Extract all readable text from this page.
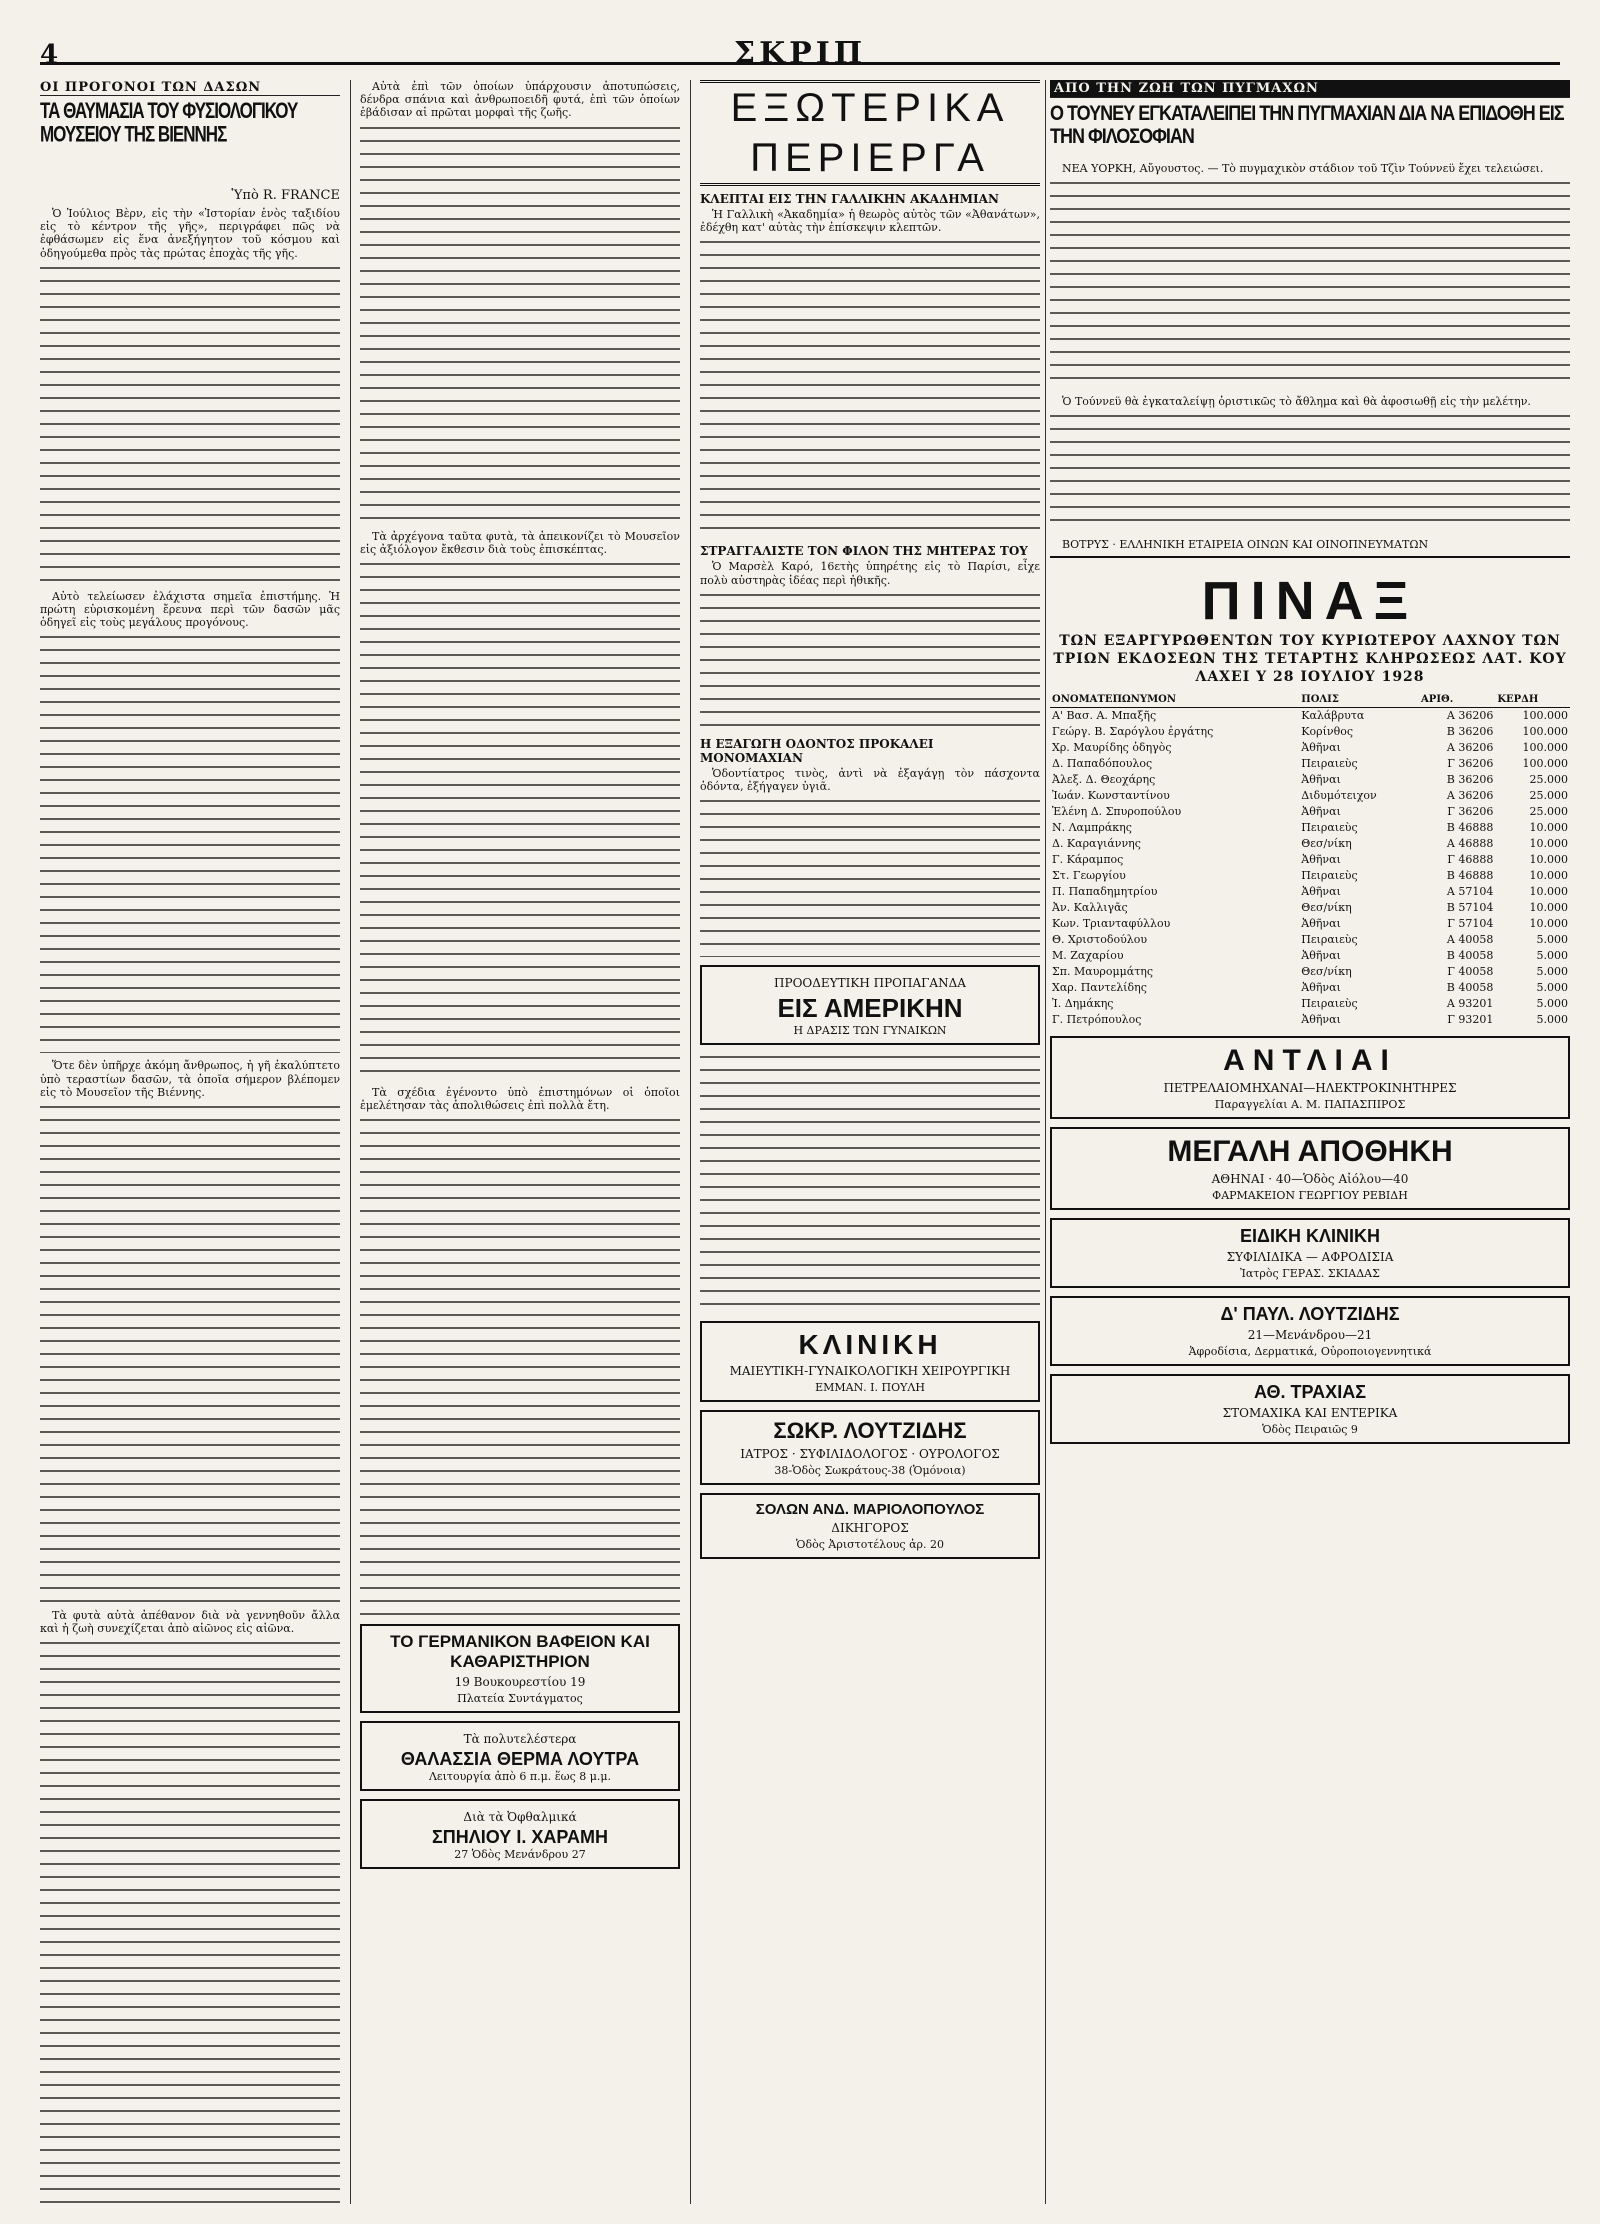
4	ΣΚΡΙΠ
ΟΙ ΠΡΟΓΟΝΟΙ ΤΩΝ ΔΑΣΩΝ
ΤΑ ΘΑΥΜΑΣΙΑ ΤΟΥ ΦΥΣΙΟΛΟΓΙΚΟΥ ΜΟΥΣΕΙΟΥ ΤΗΣ ΒΙΕΝΝΗΣ
Ὑπὸ R. FRANCE

Ὁ Ἰούλιος Βὲρν, εἰς τὴν «Ἱστορίαν ἑνὸς ταξιδίου εἰς τὸ κέντρον τῆς γῆς», περιγράφει πῶς νὰ ἐφθάσωμεν εἰς ἕνα ἀνεξήγητον τοῦ κόσμου καὶ ὁδηγούμεθα πρὸς τὰς πρώτας ἐποχὰς τῆς γῆς.

Αὐτὸ τελείωσεν ἐλάχιστα σημεῖα ἐπιστήμης. Ἡ πρώτη εὑρισκομένη ἔρευνα περὶ τῶν δασῶν μᾶς ὁδηγεῖ εἰς τοὺς μεγάλους προγόνους.

Ὅτε δὲν ὑπῆρχε ἀκόμη ἄνθρωπος, ἡ γῆ ἐκαλύπτετο ὑπὸ τεραστίων δασῶν, τὰ ὁποῖα σήμερον βλέπομεν εἰς τὸ Μουσεῖον τῆς Βιέννης.

Τὰ φυτὰ αὐτὰ ἀπέθανον διὰ νὰ γεννηθοῦν ἄλλα καὶ ἡ ζωὴ συνεχίζεται ἀπὸ αἰῶνος εἰς αἰῶνα.

Αὐτὰ ἐπὶ τῶν ὁποίων ὑπάρχουσιν ἀποτυπώσεις, δένδρα σπάνια καὶ ἀνθρωποειδῆ φυτά, ἐπὶ τῶν ὁποίων ἐβάδισαν αἱ πρῶται μορφαὶ τῆς ζωῆς.

Τὰ ἀρχέγονα ταῦτα φυτὰ, τὰ ἀπεικονίζει τὸ Μουσεῖον εἰς ἀξιόλογον ἔκθεσιν διὰ τοὺς ἐπισκέπτας.

Τὰ σχέδια ἐγένοντο ὑπὸ ἐπιστημόνων οἱ ὁποῖοι ἐμελέτησαν τὰς ἀπολιθώσεις ἐπὶ πολλὰ ἔτη.

ΤΟ ΓΕΡΜΑΝΙΚΟΝ ΒΑΦΕΙΟΝ ΚΑΙ ΚΑΘΑΡΙΣΤΗΡΙΟΝ
19 Βουκουρεστίου 19
Πλατεία Συντάγματος
Τὰ πολυτελέστερα
ΘΑΛΑΣΣΙΑ ΘΕΡΜΑ ΛΟΥΤΡΑ
Λειτουργία ἀπὸ 6 π.μ. ἕως 8 μ.μ.
Διὰ τὰ Ὀφθαλμικά
ΣΠΗΛΙΟΥ Ι. ΧΑΡΑΜΗ
27 Ὁδὸς Μενάνδρου 27
ΕΞΩΤΕΡΙΚΑ ΠΕΡΙΕΡΓΑ
ΚΛΕΠΤΑΙ ΕΙΣ ΤΗΝ ΓΑΛΛΙΚΗΝ ΑΚΑΔΗΜΙΑΝ

Ἡ Γαλλικὴ «Ἀκαδημία» ἡ θεωρὸς αὐτὸς τῶν «Ἀθανάτων», ἐδέχθη κατ' αὐτὰς τὴν ἐπίσκεψιν κλεπτῶν.

ΣΤΡΑΓΓΑΛΙΣΤΕ ΤΟΝ ΦΙΛΟΝ ΤΗΣ ΜΗΤΕΡΑΣ ΤΟΥ

Ὁ Μαρσὲλ Καρό, 16ετὴς ὑπηρέτης εἰς τὸ Παρίσι, εἶχε πολὺ αὐστηρὰς ἰδέας περὶ ἠθικῆς.

Η ΕΞΑΓΩΓΗ ΟΔΟΝΤΟΣ ΠΡΟΚΑΛΕΙ ΜΟΝΟΜΑΧΙΑΝ

Ὁδοντίατρος τινὸς, ἀντὶ νὰ ἐξαγάγῃ τὸν πάσχοντα ὀδόντα, ἐξήγαγεν ὑγιᾶ.

ΠΡΟΟΔΕΥΤΙΚΗ ΠΡΟΠΑΓΑΝΔΑ
ΕΙΣ ΑΜΕΡΙΚΗΝ
Η ΔΡΑΣΙΣ ΤΩΝ ΓΥΝΑΙΚΩΝ
ΚΛΙΝΙΚΗ
ΜΑΙΕΥΤΙΚΗ-ΓΥΝΑΙΚΟΛΟΓΙΚΗ ΧΕΙΡΟΥΡΓΙΚΗ
ΕΜΜΑΝ. Ι. ΠΟΥΛΗ
ΣΩΚΡ. ΛΟΥΤΖΙΔΗΣ
ΙΑΤΡΟΣ · ΣΥΦΙΛΙΔΟΛΟΓΟΣ · ΟΥΡΟΛΟΓΟΣ
38-Ὁδὸς Σωκράτους-38 (Ὁμόνοια)
ΣΟΛΩΝ ΑΝΔ. ΜΑΡΙΟΛΟΠΟΥΛΟΣ
ΔΙΚΗΓΟΡΟΣ
Ὁδὸς Ἀριστοτέλους ἀρ. 20
ΑΠΟ ΤΗΝ ΖΩΗ ΤΩΝ ΠΥΓΜΑΧΩΝ
Ο ΤΟΥΝΕΥ ΕΓΚΑΤΑΛΕΙΠΕΙ ΤΗΝ ΠΥΓΜΑΧΙΑΝ ΔΙΑ ΝΑ ΕΠΙΔΟΘΗ ΕΙΣ ΤΗΝ ΦΙΛΟΣΟΦΙΑΝ

ΝΕΑ ΥΟΡΚΗ, Αὔγουστος. — Τὸ πυγμαχικὸν στάδιον τοῦ Τζὶν Τούννεϋ ἔχει τελειώσει.

Ὁ Τούννεϋ θὰ ἐγκαταλείψῃ ὁριστικῶς τὸ ἄθλημα καὶ θὰ ἀφοσιωθῇ εἰς τὴν μελέτην.

ΒΟΤΡΥΣ · ΕΛΛΗΝΙΚΗ ΕΤΑΙΡΕΙΑ ΟΙΝΩΝ ΚΑΙ ΟΙΝΟΠΝΕΥΜΑΤΩΝ

ΠΙΝΑΞ
ΤΩΝ ΕΞΑΡΓΥΡΩΘΕΝΤΩΝ ΤΟΥ ΚΥΡΙΩΤΕΡΟΥ ΛΑΧΝΟΥ ΤΩΝ ΤΡΙΩΝ ΕΚΔΟΣΕΩΝ ΤΗΣ ΤΕΤΑΡΤΗΣ ΚΛΗΡΩΣΕΩΣ ΛΑΤ. ΚΟΥ ΛΑΧΕΙ Υ 28 ΙΟΥΛΙΟΥ 1928
ΟΝΟΜΑΤΕΠΩΝΥΜΟΝ	ΠΟΛΙΣ	ΑΡΙΘ.	ΚΕΡΔΗ
Α' Βασ. Α. Μπαξῆς	Καλάβρυτα	Α 36206	100.000
Γεώργ. Β. Σαρόγλου ἐργάτης	Κορίνθος	Β 36206	100.000
Χρ. Μαυρίδης ὁδηγὸς	Ἀθῆναι	Α 36206	100.000
Δ. Παπαδόπουλος	Πειραιεὺς	Γ 36206	100.000
Ἀλεξ. Δ. Θεοχάρης	Ἀθῆναι	Β 36206	25.000
Ἰωάν. Κωνσταντίνου	Διδυμότειχον	Α 36206	25.000
Ἑλένη Δ. Σπυροπούλου	Ἀθῆναι	Γ 36206	25.000
Ν. Λαμπράκης	Πειραιεὺς	Β 46888	10.000
Δ. Καραγιάννης	Θεσ/νίκη	Α 46888	10.000
Γ. Κάραμπος	Ἀθῆναι	Γ 46888	10.000
Στ. Γεωργίου	Πειραιεὺς	Β 46888	10.000
Π. Παπαδημητρίου	Ἀθῆναι	Α 57104	10.000
Ἀν. Καλλιγᾶς	Θεσ/νίκη	Β 57104	10.000
Κων. Τριανταφύλλου	Ἀθῆναι	Γ 57104	10.000
Θ. Χριστοδούλου	Πειραιεὺς	Α 40058	5.000
Μ. Ζαχαρίου	Ἀθῆναι	Β 40058	5.000
Σπ. Μαυρομμάτης	Θεσ/νίκη	Γ 40058	5.000
Χαρ. Παντελίδης	Ἀθῆναι	Β 40058	5.000
Ἰ. Δημάκης	Πειραιεὺς	Α 93201	5.000
Γ. Πετρόπουλος	Ἀθῆναι	Γ 93201	5.000
ΑΝΤΛΙΑΙ
ΠΕΤΡΕΛΑΙΟΜΗΧΑΝΑΙ—ΗΛΕΚΤΡΟΚΙΝΗΤΗΡΕΣ
Παραγγελίαι Α. Μ. ΠΑΠΑΣΠΙΡΟΣ
ΜΕΓΑΛΗ ΑΠΟΘΗΚΗ
ΑΘΗΝΑΙ · 40—Ὁδὸς Αἰόλου—40
ΦΑΡΜΑΚΕΙΟΝ ΓΕΩΡΓΙΟΥ ΡΕΒΙΔΗ
ΕΙΔΙΚΗ ΚΛΙΝΙΚΗ
ΣΥΦΙΛΙΔΙΚΑ — ΑΦΡΟΔΙΣΙΑ
Ἰατρὸς ΓΕΡΑΣ. ΣΚΙΑΔΑΣ
Δ' ΠΑΥΛ. ΛΟΥΤΖΙΔΗΣ
21—Μενάνδρου—21
Ἀφροδίσια, Δερματικά, Οὐροποιογεννητικά
ΑΘ. ΤΡΑΧΙΑΣ
ΣΤΟΜΑΧΙΚΑ ΚΑΙ ΕΝΤΕΡΙΚΑ
Ὁδὸς Πειραιῶς 9
